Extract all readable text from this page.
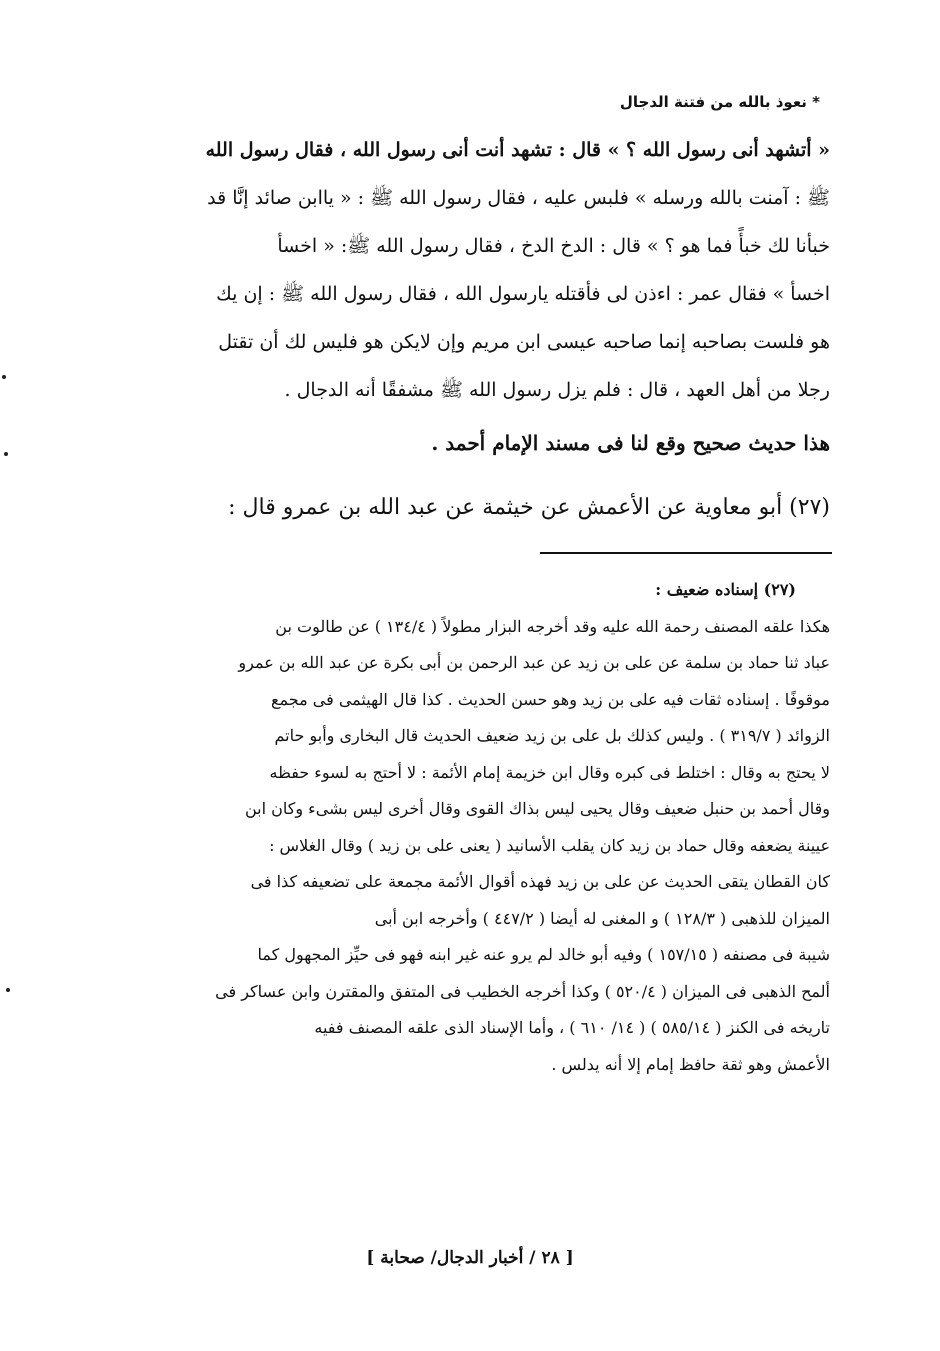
* نعوذ بالله من فتنة الدجال
« أتشهد أنى رسول الله ؟ » قال : تشهد أنت أنى رسول الله ، فقال رسول الله
ﷺ : آمنت بالله ورسله » فلبس عليه ، فقال رسول الله ﷺ : « ياابن صائد إنَّا قد
خبأنا لك خبأً فما هو ؟ » قال : الدخ الدخ ، فقال رسول الله ﷺ: « اخسأ
اخسأ » فقال عمر : اءذن لى فأقتله يارسول الله ، فقال رسول الله ﷺ : إن يك
هو فلست بصاحبه إنما صاحبه عيسى ابن مريم وإن لايكن هو فليس لك أن تقتل
رجلا من أهل العهد ، قال : فلم يزل رسول الله ﷺ مشفقًا أنه الدجال .
هذا حديث صحيح وقع لنا فى مسند الإمام أحمد .
(٢٧) أبو معاوية عن الأعمش عن خيثمة عن عبد الله بن عمرو قال :
(٢٧) إسناده ضعيف :
هكذا علقه المصنف رحمة الله عليه وقد أخرجه البزار مطولاً ( ١٣٤/٤ ) عن طالوت بن
عباد ثنا حماد بن سلمة عن على بن زيد عن عبد الرحمن بن أبى بكرة عن عبد الله بن عمرو
موقوفًا . إسناده ثقات فيه على بن زيد وهو حسن الحديث . كذا قال الهيثمى فى مجمع
الزوائد ( ٣١٩/٧ ) . وليس كذلك بل على بن زيد ضعيف الحديث قال البخارى وأبو حاتم
لا يحتج به وقال : اختلط فى كبره وقال ابن خزيمة إمام الأئمة : لا أحتج به لسوء حفظه
وقال أحمد بن حنبل ضعيف وقال يحيى ليس بذاك القوى وقال أخرى ليس بشىء وكان ابن
عيينة يضعفه وقال حماد بن زيد كان يقلب الأسانيد ( يعنى على بن زيد ) وقال الغلاس :
كان القطان يتقى الحديث عن على بن زيد فهذه أقوال الأئمة مجمعة على تضعيفه كذا فى
الميزان للذهبى ( ١٢٨/٣ ) و المغنى له أيضا ( ٤٤٧/٢ ) وأخرجه ابن أبى
شيبة فى مصنفه ( ١٥٧/١٥ ) وفيه أبو خالد لم يرو عنه غير ابنه فهو فى حيِّز المجهول كما
ألمح الذهبى فى الميزان ( ٥٢٠/٤ ) وكذا أخرجه الخطيب فى المتفق والمقترن وابن عساكر فى
تاريخه فى الكنز ( ٥٨٥/١٤ ) ( ١٤/ ٦١٠ ) ، وأما الإسناد الذى علقه المصنف ففيه
الأعمش وهو ثقة حافظ إمام إلا أنه يدلس .
[ ٢٨ / أخبار الدجال/ صحابة ]
